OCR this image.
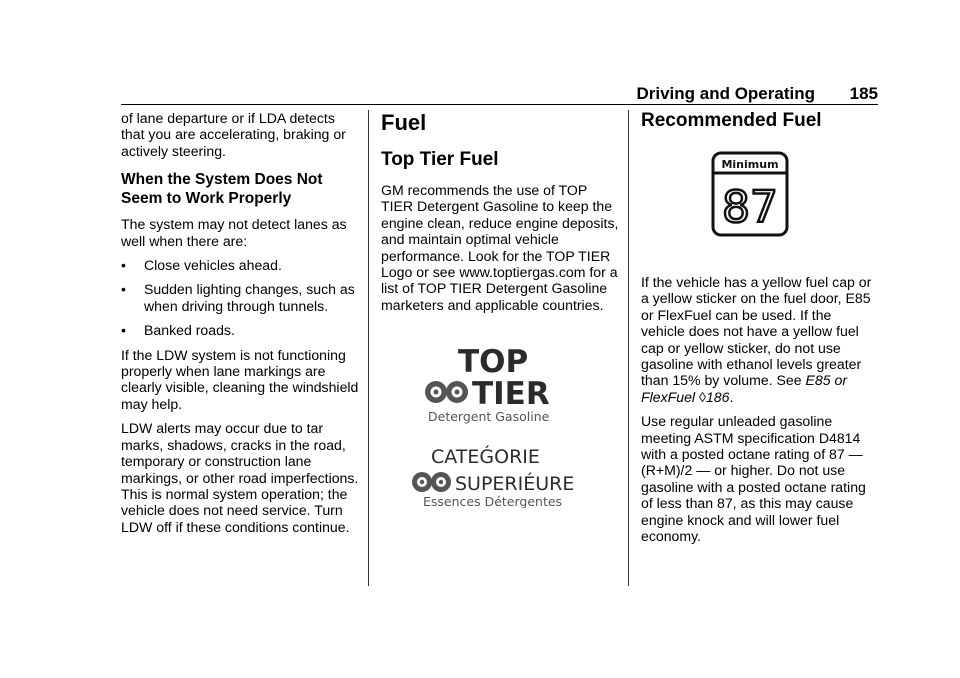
Driving and Operating 185

of lane departure or if LDA detects that you are accelerating, braking or actively steering.

When the System Does Not Seem to Work Properly

The system may not detect lanes as well when there are:

•	Close vehicles ahead.
•	Sudden lighting changes, such as when driving through tunnels.
•	Banked roads.

If the LDW system is not functioning properly when lane markings are clearly visible, cleaning the windshield may help.

LDW alerts may occur due to tar marks, shadows, cracks in the road, temporary or construction lane markings, or other road imperfections. This is normal system operation; the vehicle does not need service. Turn LDW off if these conditions continue.

Fuel
Top Tier Fuel

GM recommends the use of TOP TIER Detergent Gasoline to keep the engine clean, reduce engine deposits, and maintain optimal vehicle performance. Look for the TOP TIER Logo or see www.toptiergas.com for a list of TOP TIER Detergent Gasoline marketers and applicable countries.

TOP
TIER
Detergent Gasoline
CATEǴORIE
SUPERIÉURE
Essences Détergentes
Recommended Fuel

If the vehicle has a yellow fuel cap or a yellow sticker on the fuel door, E85 or FlexFuel can be used. If the vehicle does not have a yellow fuel cap or yellow sticker, do not use gasoline with ethanol levels greater than 15% by volume. See E85 or FlexFuel ◊186.

Use regular unleaded gasoline meeting ASTM specification D4814 with a posted octane rating of 87 — (R+M)/2 — or higher. Do not use gasoline with a posted octane rating of less than 87, as this may cause engine knock and will lower fuel economy.

Minimum
87
